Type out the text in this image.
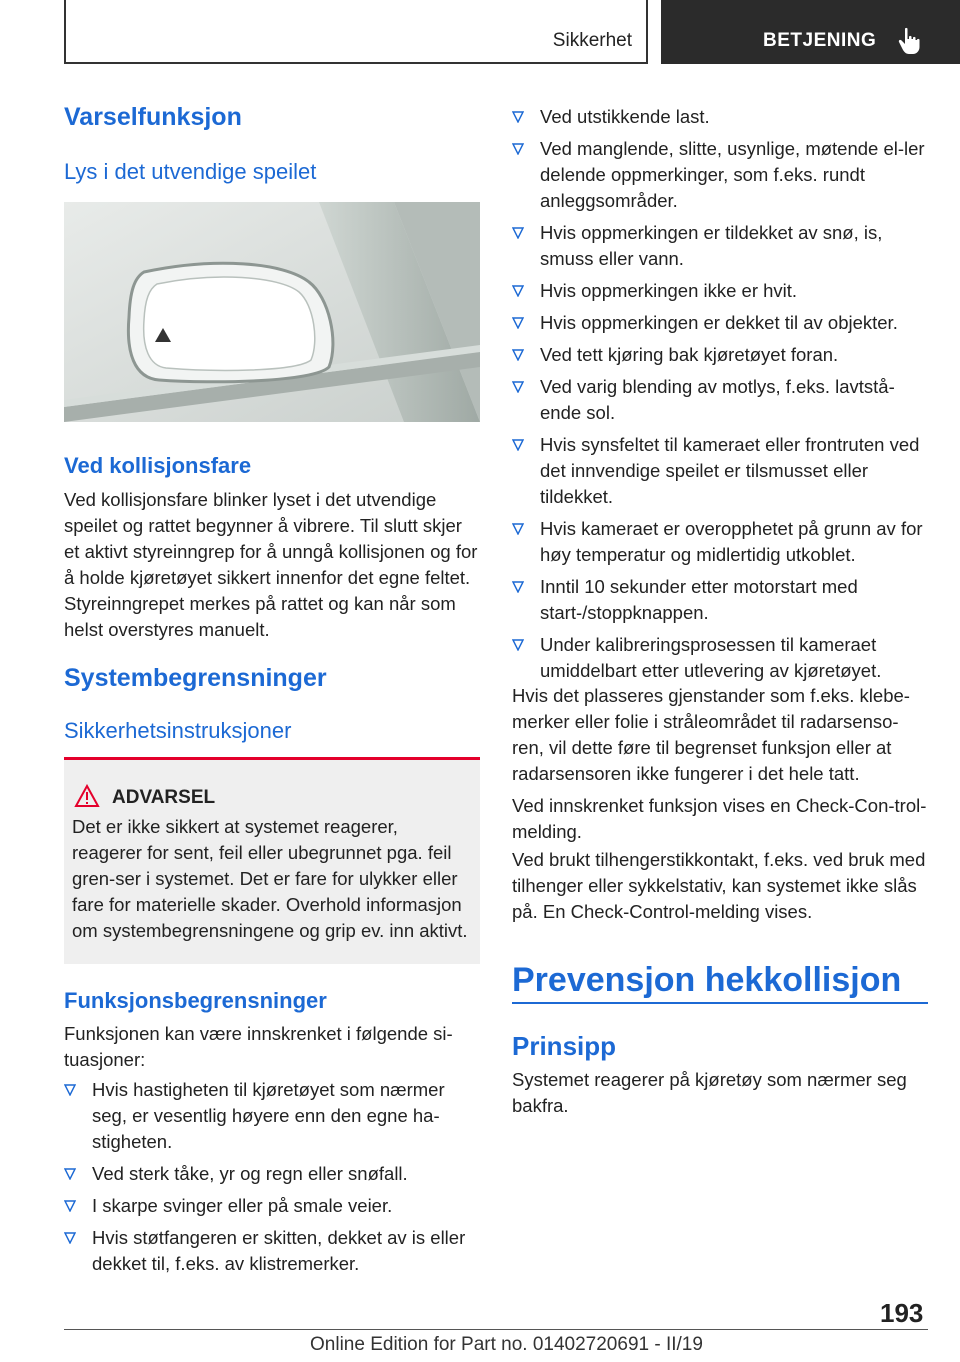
Sikkerhet	BETJENING
Varselfunksjon
Lys i det utvendige speilet
Ved kollisjonsfare

Ved kollisjonsfare blinker lyset i det utvendige speilet og rattet begynner å vibrere. Til slutt skjer et aktivt styreinngrep for å unngå kollisjonen og for å holde kjøretøyet sikkert innenfor det egne feltet. Styreinngrepet merkes på rattet og kan når som helst overstyres manuelt.

Systembegrensninger
Sikkerhetsinstruksjoner
ADVARSEL
Det er ikke sikkert at systemet reagerer, reagerer for sent, feil eller ubegrunnet pga. feil gren-ser i systemet. Det er fare for ulykker eller fare for materielle skader. Overhold informasjon om systembegrensningene og grip ev. inn aktivt.
Funksjonsbegrensninger

Funksjonen kan være innskrenket i følgende si-tuasjoner:

Hvis hastigheten til kjøretøyet som nærmer seg, er vesentlig høyere enn den egne ha-stigheten.
Ved sterk tåke, yr og regn eller snøfall.
I skarpe svinger eller på smale veier.
Hvis støtfangeren er skitten, dekket av is eller dekket til, f.eks. av klistremerker.
Ved utstikkende last.
Ved manglende, slitte, usynlige, møtende el-ler delende oppmerkinger, som f.eks. rundt anleggsområder.
Hvis oppmerkingen er tildekket av snø, is, smuss eller vann.
Hvis oppmerkingen ikke er hvit.
Hvis oppmerkingen er dekket til av objekter.
Ved tett kjøring bak kjøretøyet foran.
Ved varig blending av motlys, f.eks. lavtstå-ende sol.
Hvis synsfeltet til kameraet eller frontruten ved det innvendige speilet er tilsmusset eller tildekket.
Hvis kameraet er overopphetet på grunn av for høy temperatur og midlertidig utkoblet.
Inntil 10 sekunder etter motorstart med start-/stoppknappen.
Under kalibreringsprosessen til kameraet umiddelbart etter utlevering av kjøretøyet.

Hvis det plasseres gjenstander som f.eks. klebe-merker eller folie i stråleområdet til radarsenso-ren, vil dette føre til begrenset funksjon eller at radarsensoren ikke fungerer i det hele tatt.

Ved innskrenket funksjon vises en Check-Con-trol-melding.

Ved brukt tilhengerstikkontakt, f.eks. ved bruk med tilhenger eller sykkelstativ, kan systemet ikke slås på. En Check-Control-melding vises.

Prevensjon hekkollisjon
Prinsipp

Systemet reagerer på kjøretøy som nærmer seg bakfra.

193
Online Edition for Part no. 01402720691 - II/19
